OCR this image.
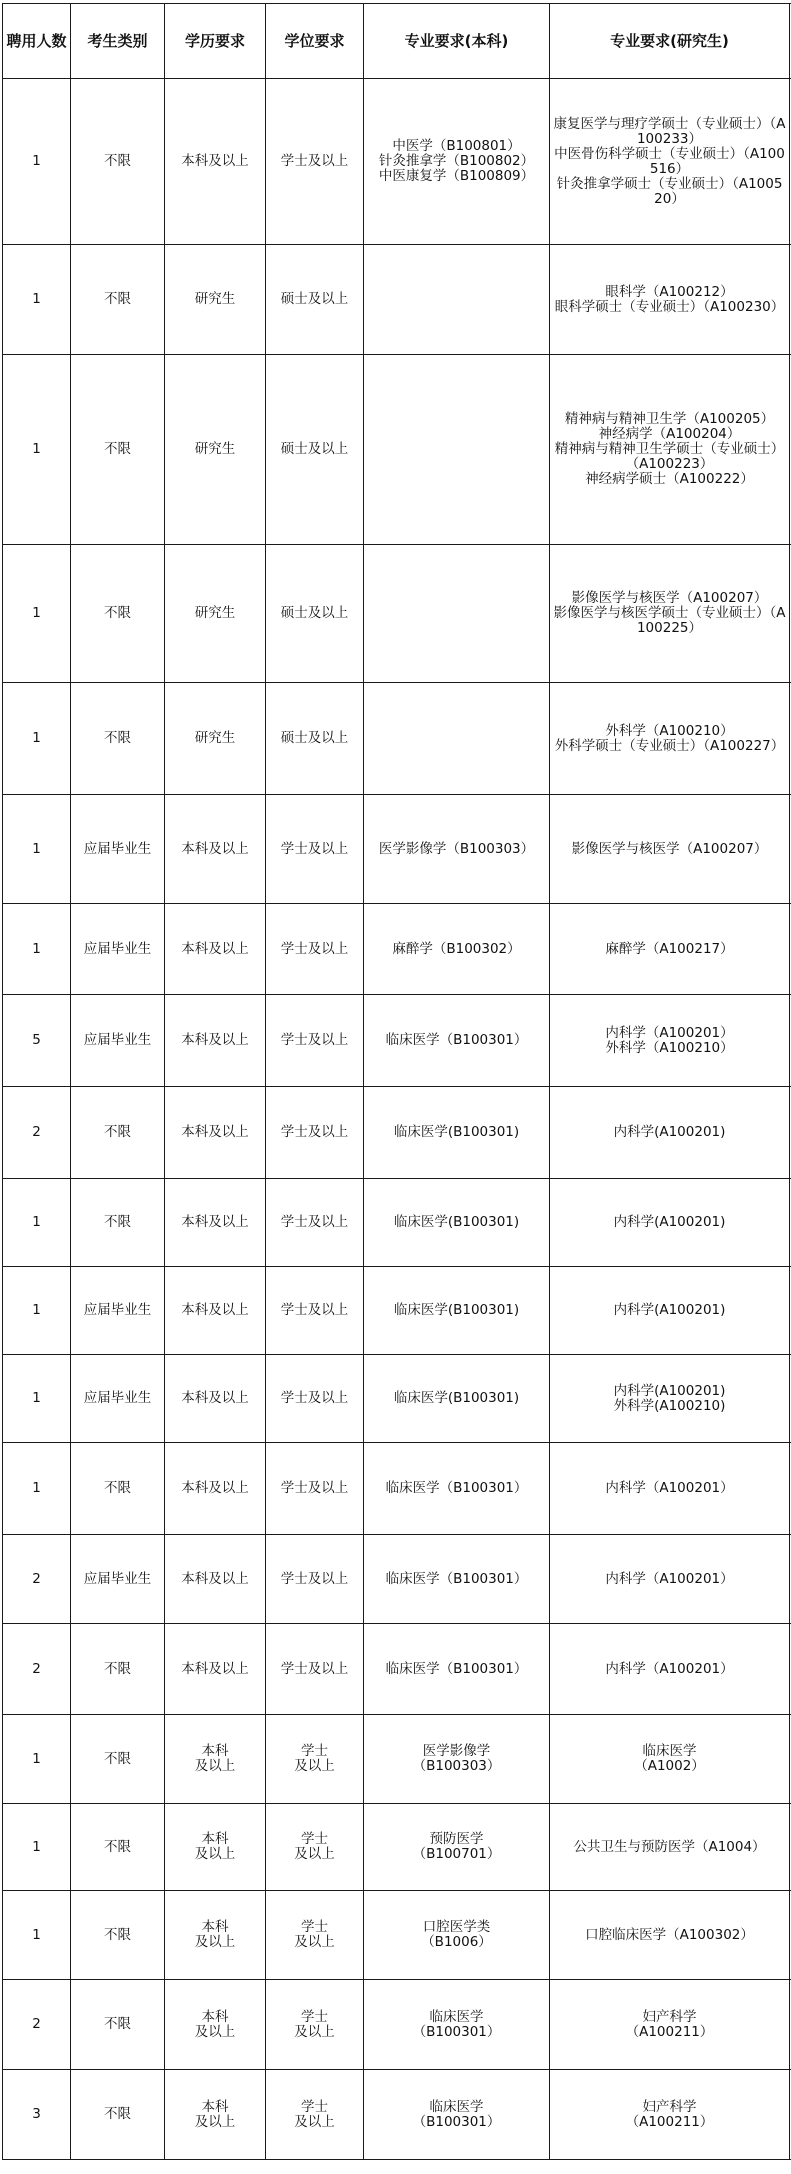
聘用人数	考生类别	学历要求	学位要求	专业要求(本科)	专业要求(研究生)	
1	不限	本科及以上	学士及以上	中医学（B100801）
针灸推拿学（B100802）
中医康复学（B100809）	康复医学与理疗学硕士（专业硕士）（A100233）
中医骨伤科学硕士（专业硕士）（A100516）
针灸推拿学硕士（专业硕士）（A100520）	
1	不限	研究生	硕士及以上		眼科学（A100212）
眼科学硕士（专业硕士）（A100230）	
1	不限	研究生	硕士及以上		精神病与精神卫生学（A100205）
神经病学（A100204）
精神病与精神卫生学硕士（专业硕士）（A100223）
神经病学硕士（A100222）	
1	不限	研究生	硕士及以上		影像医学与核医学（A100207）
影像医学与核医学硕士（专业硕士）（A100225）	
1	不限	研究生	硕士及以上		外科学（A100210）
外科学硕士（专业硕士）（A100227）	
1	应届毕业生	本科及以上	学士及以上	医学影像学（B100303）	影像医学与核医学（A100207）	
1	应届毕业生	本科及以上	学士及以上	麻醉学（B100302）	麻醉学（A100217）	
5	应届毕业生	本科及以上	学士及以上	临床医学（B100301）	内科学（A100201）
外科学（A100210）	
2	不限	本科及以上	学士及以上	临床医学(B100301)	内科学(A100201)	
1	不限	本科及以上	学士及以上	临床医学(B100301)	内科学(A100201)	
1	应届毕业生	本科及以上	学士及以上	临床医学(B100301)	内科学(A100201)	
1	应届毕业生	本科及以上	学士及以上	临床医学(B100301)	内科学(A100201)
外科学(A100210)	
1	不限	本科及以上	学士及以上	临床医学（B100301）	内科学（A100201）	
2	应届毕业生	本科及以上	学士及以上	临床医学（B100301）	内科学（A100201）	
2	不限	本科及以上	学士及以上	临床医学（B100301）	内科学（A100201）	
1	不限	本科
及以上	学士
及以上	医学影像学
（B100303）	临床医学
（A1002）	
1	不限	本科
及以上	学士
及以上	预防医学
（B100701）	公共卫生与预防医学（A1004）	
1	不限	本科
及以上	学士
及以上	口腔医学类
（B1006）	口腔临床医学（A100302）	
2	不限	本科
及以上	学士
及以上	临床医学
（B100301）	妇产科学
（A100211）	
3	不限	本科
及以上	学士
及以上	临床医学
（B100301）	妇产科学
（A100211）	
